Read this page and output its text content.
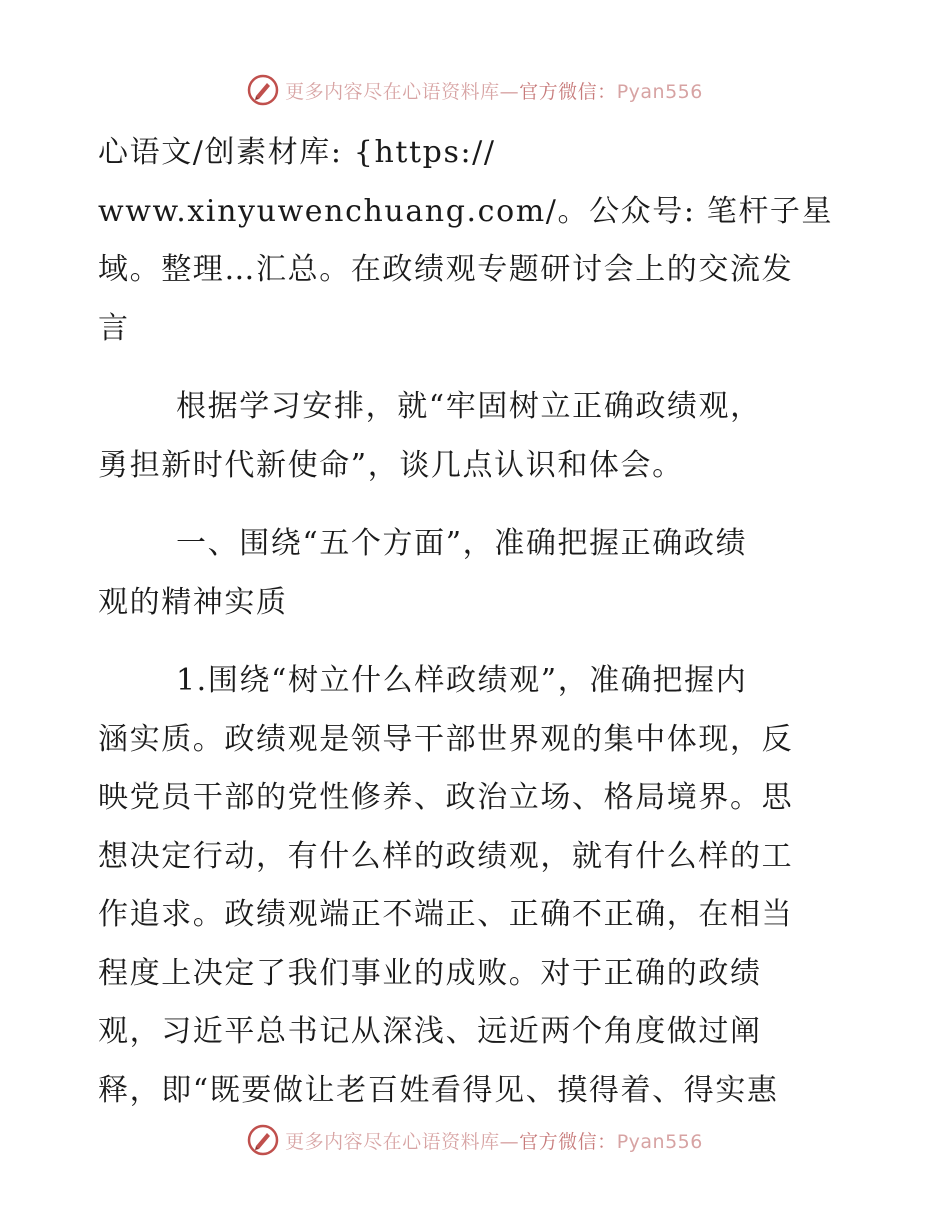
更多内容尽在心语资料库—官方微信：Pyan556
心语文/创素材库: {https://
www.xinyuwenchuang.com/。公众号: 笔杆子星
域。整理…汇总。在政绩观专题研讨会上的交流发
言
根据学习安排，就“牢固树立正确政绩观，
勇担新时代新使命”，谈几点认识和体会。
一、围绕“五个方面”，准确把握正确政绩
观的精神实质
1.围绕“树立什么样政绩观”，准确把握内
涵实质。政绩观是领导干部世界观的集中体现，反
映党员干部的党性修养、政治立场、格局境界。思
想决定行动，有什么样的政绩观，就有什么样的工
作追求。政绩观端正不端正、正确不正确，在相当
程度上决定了我们事业的成败。对于正确的政绩
观，习近平总书记从深浅、远近两个角度做过阐
释，即“既要做让老百姓看得见、摸得着、得实惠
更多内容尽在心语资料库—官方微信：Pyan556
